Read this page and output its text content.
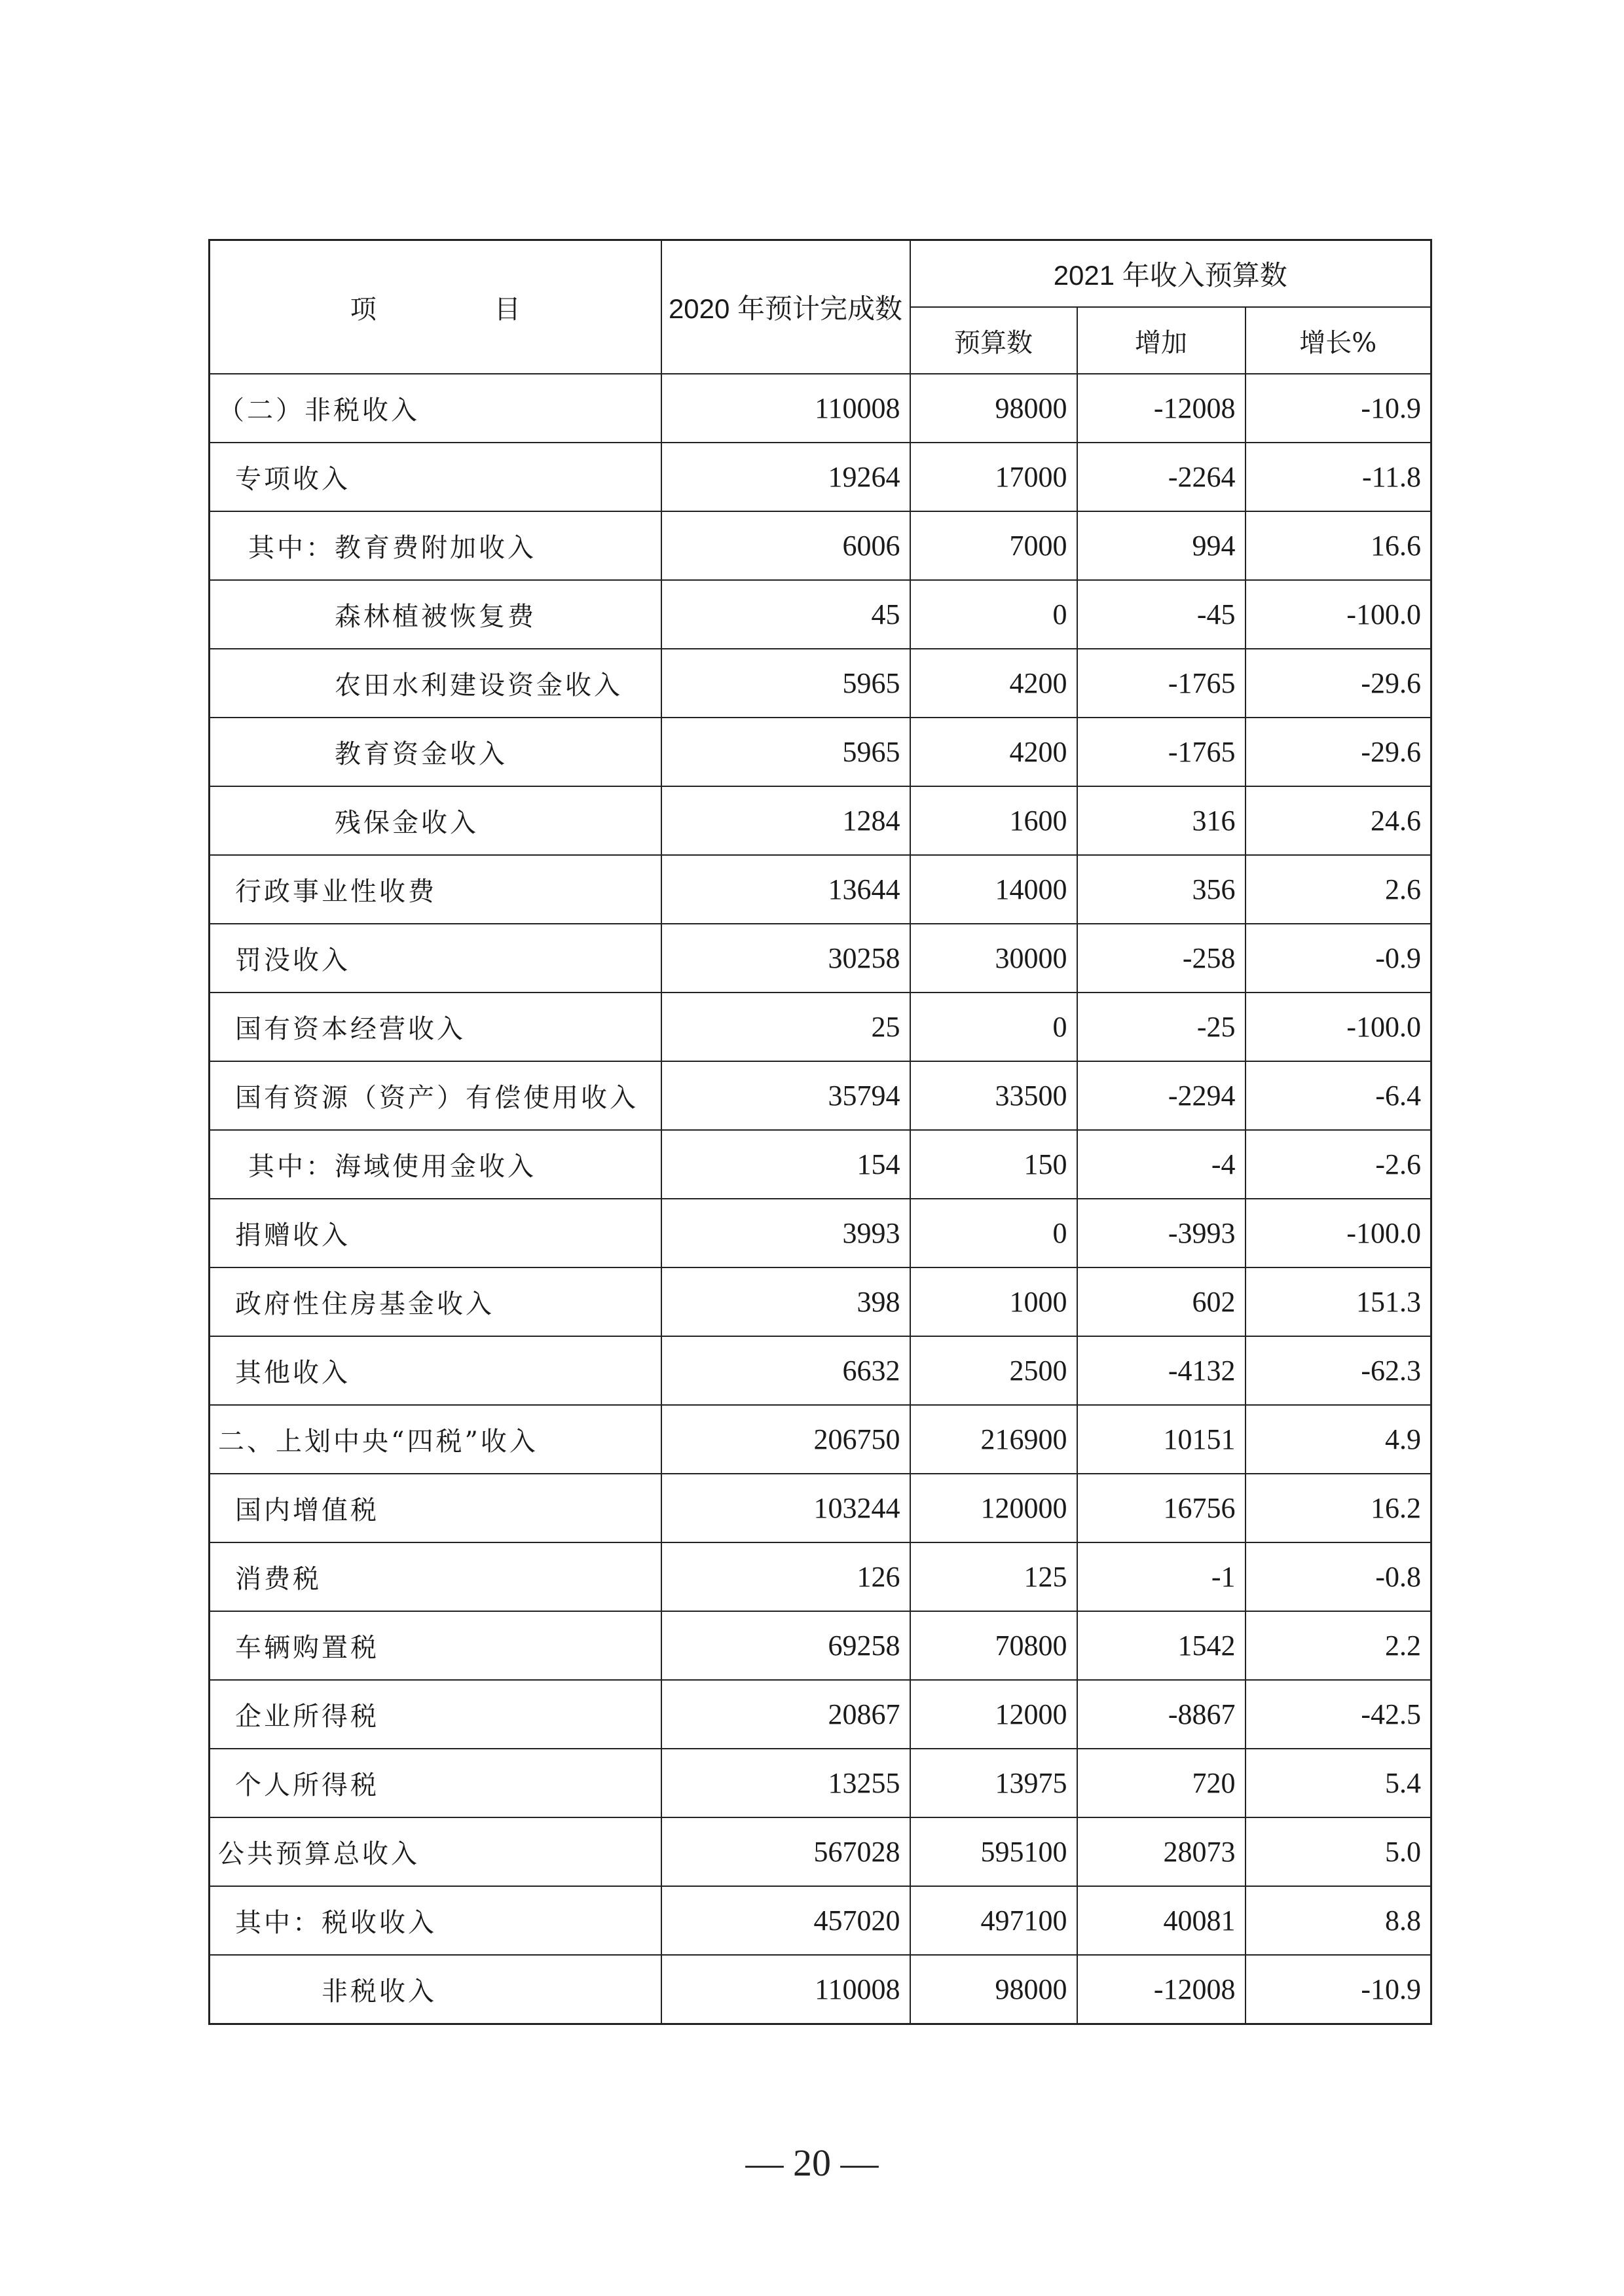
项 目	2020 年预计完成数	2021 年收入预算数		
		预算数	增加	增长%
（二）非税收入	110008	98000	-12008	-10.9
专项收入	19264	17000	-2264	-11.8
其中：教育费附加收入	6006	7000	994	16.6
森林植被恢复费	45	0	-45	-100.0
农田水利建设资金收入	5965	4200	-1765	-29.6
教育资金收入	5965	4200	-1765	-29.6
残保金收入	1284	1600	316	24.6
行政事业性收费	13644	14000	356	2.6
罚没收入	30258	30000	-258	-0.9
国有资本经营收入	25	0	-25	-100.0
国有资源（资产）有偿使用收入	35794	33500	-2294	-6.4
其中：海域使用金收入	154	150	-4	-2.6
捐赠收入	3993	0	-3993	-100.0
政府性住房基金收入	398	1000	602	151.3
其他收入	6632	2500	-4132	-62.3
二、上划中央“四税”收入	206750	216900	10151	4.9
国内增值税	103244	120000	16756	16.2
消费税	126	125	-1	-0.8
车辆购置税	69258	70800	1542	2.2
企业所得税	20867	12000	-8867	-42.5
个人所得税	13255	13975	720	5.4
公共预算总收入	567028	595100	28073	5.0
其中：税收收入	457020	497100	40081	8.8
非税收入	110008	98000	-12008	-10.9
— 20 —
